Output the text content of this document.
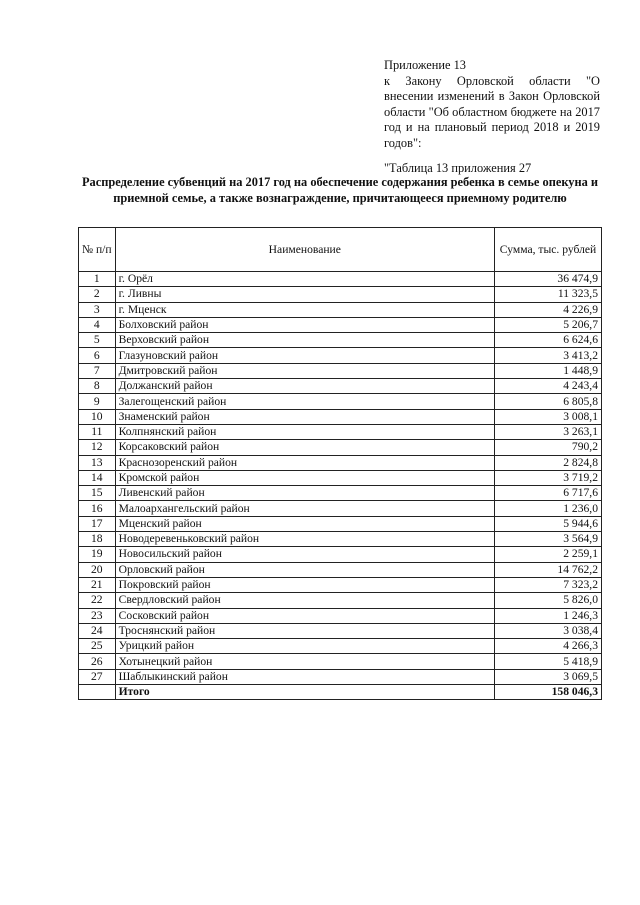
Приложение 13
к Закону Орловской области "О внесении изменений в Закон Орловской области "Об областном бюджете на 2017 год и на плановый период 2018 и 2019 годов":
"Таблица 13 приложения 27
Распределение субвенций на 2017 год на обеспечение содержания ребенка в семье опекуна и приемной семье, а также вознаграждение, причитающееся приемному родителю
№ п/п	Наименование	Сумма, тыс. рублей
1	г. Орёл	36 474,9
2	г. Ливны	11 323,5
3	г. Мценск	4 226,9
4	Болховский район	5 206,7
5	Верховский район	6 624,6
6	Глазуновский район	3 413,2
7	Дмитровский район	1 448,9
8	Должанский район	4 243,4
9	Залегощенский район	6 805,8
10	Знаменский район	3 008,1
11	Колпнянский район	3 263,1
12	Корсаковский район	790,2
13	Краснозоренский район	2 824,8
14	Кромской район	3 719,2
15	Ливенский район	6 717,6
16	Малоархангельский район	1 236,0
17	Мценский район	5 944,6
18	Новодеревеньковский район	3 564,9
19	Новосильский район	2 259,1
20	Орловский район	14 762,2
21	Покровский район	7 323,2
22	Свердловский район	5 826,0
23	Сосковский район	1 246,3
24	Троснянский район	3 038,4
25	Урицкий район	4 266,3
26	Хотынецкий район	5 418,9
27	Шаблыкинский район	3 069,5
	Итого	158 046,3
